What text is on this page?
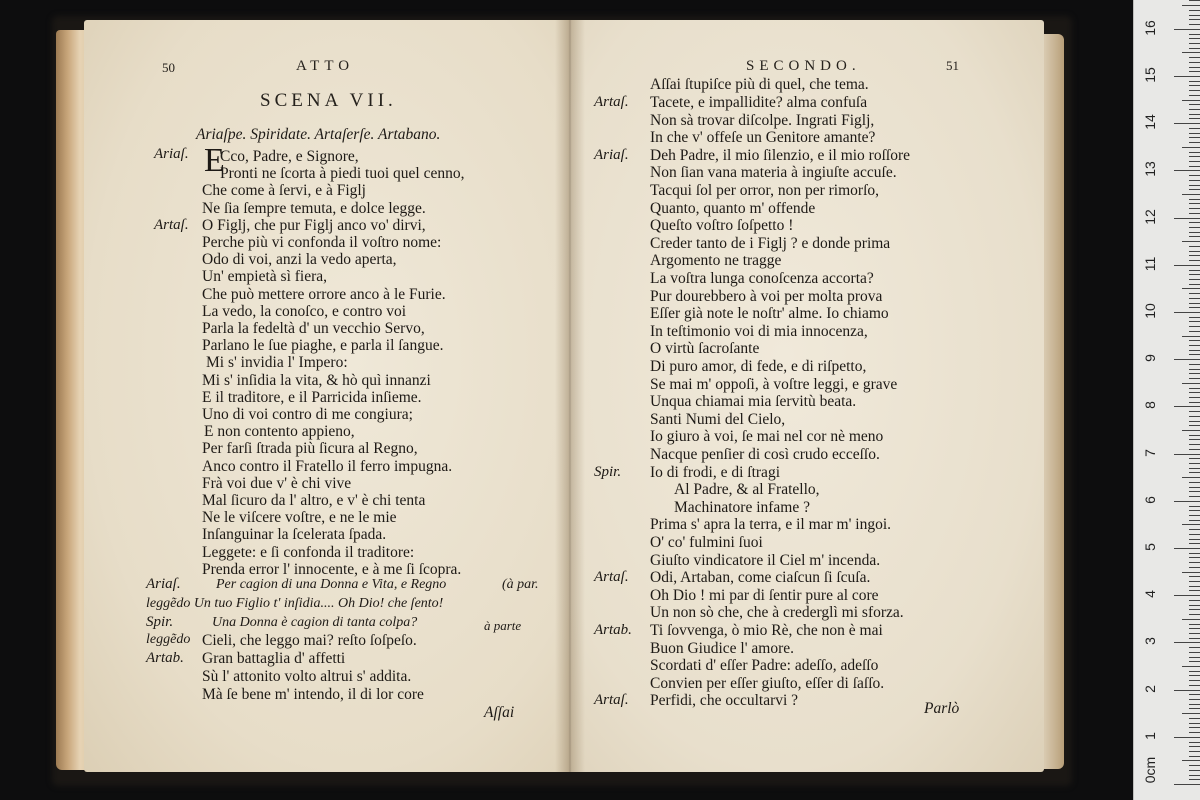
50	ATTO
SCENA VII.
Ariaſpe. Spiridate. Artaſerſe. Artabano.
Ariaſ. E
Cco, Padre, e Signore,
Pronti ne ſcorta à piedi tuoi quel cenno,
Che come à ſervi, e à Figlj
Ne ſia ſempre temuta, e dolce legge.
O Figlj, che pur Figlj anco vo' dirvi,
Perche più vi confonda il voſtro nome:
Odo di voi, anzi la vedo aperta,
Un' empietà sì fiera,
Che può mettere orrore anco à le Furie.
La vedo, la conoſco, e contro voi
Parla la fedeltà d' un vecchio Servo,
Parlano le ſue piaghe, e parla il ſangue.
Mi s' invidia l' Impero:
Mi s' inſidia la vita, & hò quì innanzi
E il traditore, e il Parricida inſieme.
Uno di voi contro di me congiura;
E non contento appieno,
Per farſi ſtrada più ſicura al Regno,
Anco contro il Fratello il ferro impugna.
Frà voi due v' è chi vive
Mal ſicuro da l' altro, e v' è chi tenta
Ne le viſcere voſtre, e ne le mie
Inſanguinar la ſcelerata ſpada.
Leggete: e ſi confonda il traditore:
Prenda error l' innocente, e à me ſi ſcopra.
Artaſ.
Ariaſ.	Per cagion di una Donna e Vita, e Regno	(à par.
leggẽdo Un tuo Figlio t' inſidia.... Oh Dio! che ſento!
Spir.	Una Donna è cagion di tanta colpa?	à parte
leggẽdo Cieli, che leggo mai? reſto ſoſpeſo.
Artab. Gran battaglia d' affetti
Sù l' attonito volto altrui s' addita.
Mà ſe bene m' intendo, il di lor core
Aſſai
SECONDO.	51
Aſſai ſtupiſce più di quel, che tema.
Artaſ. Tacete, e impallidite? alma confuſa
Non sà trovar diſcolpe. Ingrati Figlj,
In che v' offeſe un Genitore amante?
Ariaſ. Deh Padre, il mio ſilenzio, e il mio roſſore
Non ſian vana materia à ingiuſte accuſe.
Tacqui ſol per orror, non per rimorſo,
Quanto, quanto m' offende
Queſto voſtro ſoſpetto !
Creder tanto de i Figlj ? e donde prima
Argomento ne tragge
La voſtra lunga conoſcenza accorta?
Pur dourebbero à voi per molta prova
Eſſer già note le noſtr' alme. Io chiamo
In teſtimonio voi di mia innocenza,
O virtù ſacroſante
Di puro amor, di fede, e di riſpetto,
Se mai m' oppoſi, à voſtre leggi, e grave
Unqua chiamai mia ſervitù beata.
Santi Numi del Cielo,
Io giuro à voi, ſe mai nel cor nè meno
Nacque penſier di così crudo ecceſſo.
Spir. Io di frodi, e di ſtragi
Al Padre, & al Fratello,
Machinatore infame ?
Prima s' apra la terra, e il mar m' ingoi.
O' co' fulmini ſuoi
Giuſto vindicatore il Ciel m' incenda.
Artaſ. Odi, Artaban, come ciaſcun ſi ſcuſa.
Oh Dio ! mi par di ſentir pure al core
Un non sò che, che à crederglì mi sforza.
Artab. Ti ſovvenga, ò mio Rè, che non è mai
Buon Giudice l' amore.
Scordati d' eſſer Padre: adeſſo, adeſſo
Convien per eſſer giuſto, eſſer di ſaſſo.
Artaſ. Perfidi, che occultarvi ?	Parlò
0cm
1
2
3
4
5
6
7
8
9
10
11
12
13
14
15
16
